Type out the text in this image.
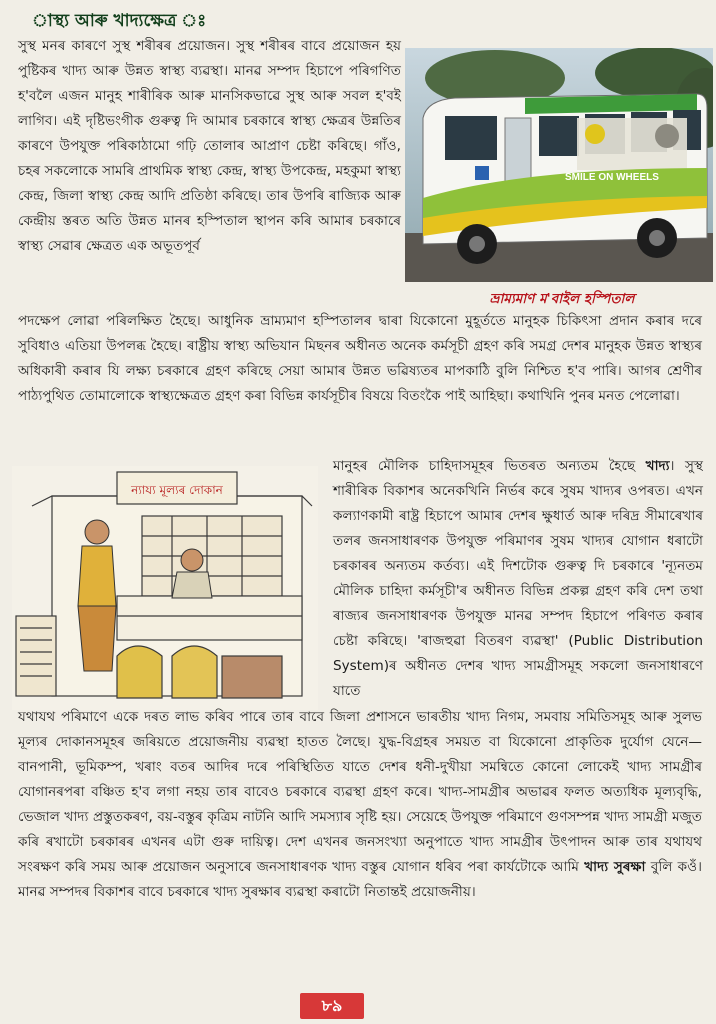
াস্থ্য আৰু খাদ্যক্ষেত্ৰ ঃ

সুস্থ মনৰ কাৰণে সুস্থ শৰীৰৰ প্ৰয়োজন। সুস্থ শৰীৰৰ বাবে প্ৰয়োজন হয় পুষ্টিকৰ খাদ্য আৰু উন্নত স্বাস্থ্য ব্যৱস্থা। মানৱ সম্পদ হিচাপে পৰিগণিত হ'বলৈ এজন মানুহ শাৰীৰিক আৰু মানসিকভাৱে সুস্থ আৰু সবল হ'বই লাগিব। এই দৃষ্টিভংগীক গুৰুত্ব দি আমাৰ চৰকাৰে স্বাস্থ্য ক্ষেত্ৰৰ উন্নতিৰ কাৰণে উপযুক্ত পৰিকাঠামো গঢ়ি তোলাৰ আপ্ৰাণ চেষ্টা কৰিছে। গাঁও, চহৰ সকলোকে সামৰি প্ৰাথমিক স্বাস্থ্য কেন্দ্ৰ, স্বাস্থ্য উপকেন্দ্ৰ, মহকুমা স্বাস্থ্য কেন্দ্ৰ, জিলা স্বাস্থ্য কেন্দ্ৰ আদি প্ৰতিষ্ঠা কৰিছে। তাৰ উপৰি ৰাজ্যিক আৰু কেন্দ্ৰীয় স্তৰত অতি উন্নত মানৰ হস্পিতাল স্থাপন কৰি আমাৰ চৰকাৰে স্বাস্থ্য সেৱাৰ ক্ষেত্ৰত এক অভূতপূৰ্ব

SMILE ON WHEELS
ভ্ৰাম্যমাণ ম'বাইল হস্পিতাল

পদক্ষেপ লোৱা পৰিলক্ষিত হৈছে। আধুনিক ভ্ৰাম্যমাণ হস্পিতালৰ দ্বাৰা যিকোনো মুহূৰ্ততে মানুহক চিকিৎসা প্ৰদান কৰাৰ দৰে সুবিধাও এতিয়া উপলব্ধ হৈছে। ৰাষ্ট্ৰীয় স্বাস্থ্য অভিযান মিছনৰ অধীনত অনেক কৰ্মসূচী গ্ৰহণ কৰি সমগ্ৰ দেশৰ মানুহক উন্নত স্বাস্থ্যৰ অধিকাৰী কৰাৰ যি লক্ষ্য চৰকাৰে গ্ৰহণ কৰিছে সেয়া আমাৰ উন্নত ভৱিষ্যতৰ মাপকাঠি বুলি নিশ্চিত হ'ব পাৰি। আগৰ শ্ৰেণীৰ পাঠ্যপুথিত তোমালোকে স্বাস্থ্যক্ষেত্ৰত গ্ৰহণ কৰা বিভিন্ন কাৰ্যসূচীৰ বিষয়ে বিতংকৈ পাই আহিছা। কথাখিনি পুনৰ মনত পেলোৱা।

ন্যায্য মূল্যৰ দোকান

মানুহৰ মৌলিক চাহিদাসমূহৰ ভিতৰত অন্যতম হৈছে খাদ্য। সুস্থ শাৰীৰিক বিকাশৰ অনেকখিনি নিৰ্ভৰ কৰে সুষম খাদ্যৰ ওপৰত। এখন কল্যাণকামী ৰাষ্ট্ৰ হিচাপে আমাৰ দেশৰ ক্ষুধাৰ্ত আৰু দৰিদ্ৰ সীমাৰেখাৰ তলৰ জনসাধাৰণক উপযুক্ত পৰিমাণৰ সুষম খাদ্যৰ যোগান ধৰাটো চৰকাৰৰ অন্যতম কৰ্তব্য। এই দিশটোক গুৰুত্ব দি চৰকাৰে 'ন্যূনতম মৌলিক চাহিদা কৰ্মসূচী'ৰ অধীনত বিভিন্ন প্ৰকল্প গ্ৰহণ কৰি দেশ তথা ৰাজ্যৰ জনসাধাৰণক উপযুক্ত মানৱ সম্পদ হিচাপে পৰিণত কৰাৰ চেষ্টা কৰিছে। 'ৰাজহুৱা বিতৰণ ব্যৱস্থা' (Public Distribution System)ৰ অধীনত দেশৰ খাদ্য সামগ্ৰীসমূহ সকলো জনসাধাৰণে যাতে

যথাযথ পৰিমাণে একে দৰত লাভ কৰিব পাৰে তাৰ বাবে জিলা প্ৰশাসনে ভাৰতীয় খাদ্য নিগম, সমবায় সমিতিসমূহ আৰু সুলভ মূল্যৰ দোকানসমূহৰ জৰিয়তে প্ৰয়োজনীয় ব্যৱস্থা হাতত লৈছে। যুদ্ধ-বিগ্ৰহৰ সময়ত বা যিকোনো প্ৰাকৃতিক দুৰ্যোগ যেনে— বানপানী, ভূমিকম্প, খৰাং বতৰ আদিৰ দৰে পৰিস্থিতিত যাতে দেশৰ ধনী-দুখীয়া সমন্বিতে কোনো লোকেই খাদ্য সামগ্ৰীৰ যোগানৰপৰা বঞ্চিত হ'ব লগা নহয় তাৰ বাবেও চৰকাৰে ব্যৱস্থা গ্ৰহণ কৰে। খাদ্য-সামগ্ৰীৰ অভাৱৰ ফলত অত্যধিক মূল্যবৃদ্ধি, ভেজাল খাদ্য প্ৰস্তুতকৰণ, বয়-বস্তুৰ কৃত্ৰিম নাটনি আদি সমস্যাৰ সৃষ্টি হয়। সেয়েহে উপযুক্ত পৰিমাণে গুণসম্পন্ন খাদ্য সামগ্ৰী মজুত কৰি ৰখাটো চৰকাৰৰ এখনৰ এটা গুৰু দায়িত্ব। দেশ এখনৰ জনসংখ্যা অনুপাতে খাদ্য সামগ্ৰীৰ উৎপাদন আৰু তাৰ যথাযথ সংৰক্ষণ কৰি সময় আৰু প্ৰয়োজন অনুসাৰে জনসাধাৰণক খাদ্য বস্তুৰ যোগান ধৰিব পৰা কাৰ্যটোকে আমি খাদ্য সুৰক্ষা বুলি কওঁ। মানৱ সম্পদৰ বিকাশৰ বাবে চৰকাৰে খাদ্য সুৰক্ষাৰ ব্যৱস্থা কৰাটো নিতান্তই প্ৰয়োজনীয়।

৮৯
